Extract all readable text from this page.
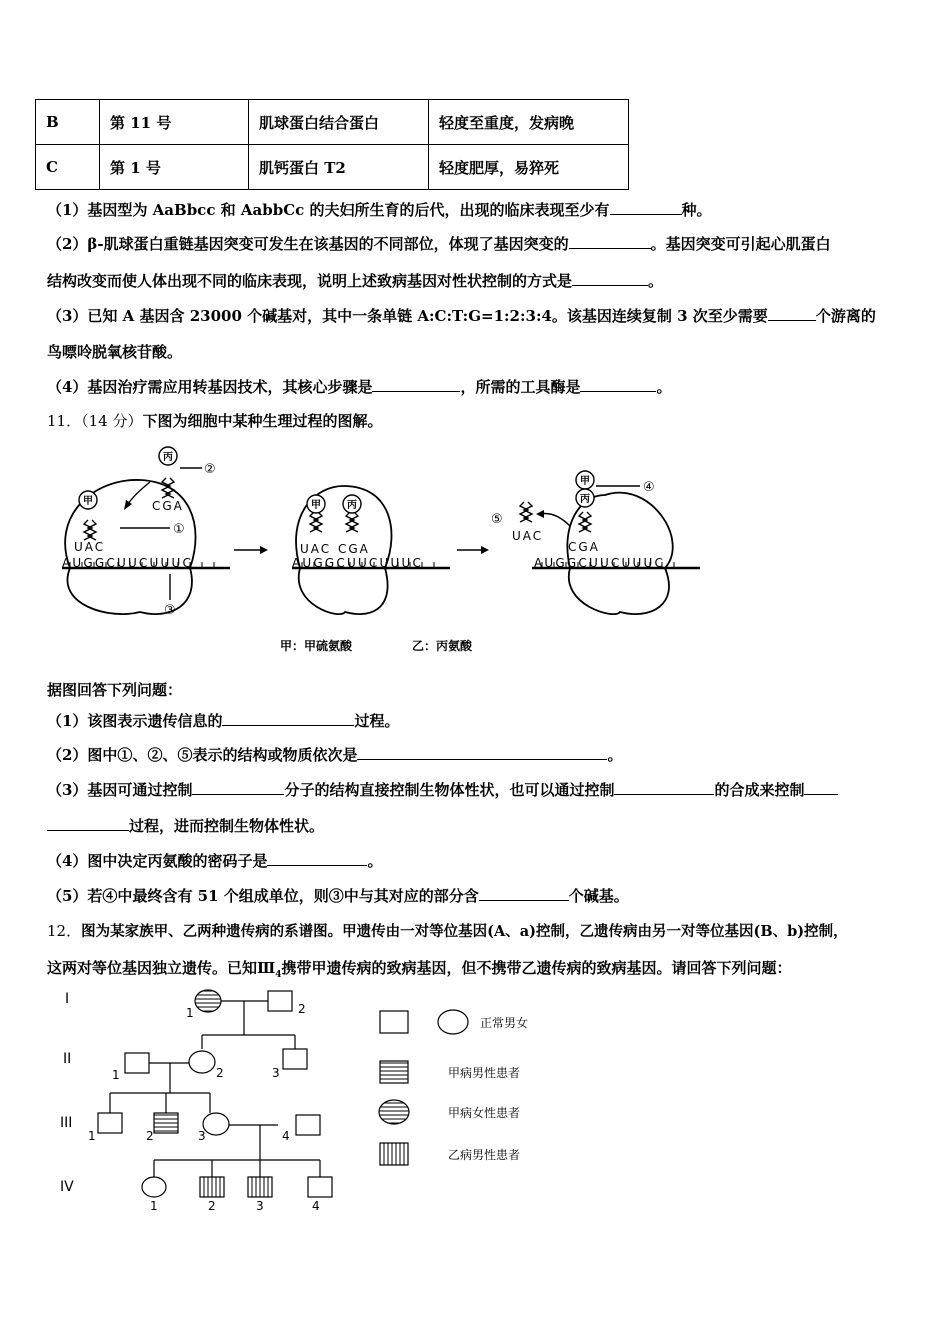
B	第 11 号	肌球蛋白结合蛋白	轻度至重度，发病晚
C	第 1 号	肌钙蛋白 T2	轻度肥厚，易猝死
（1）基因型为 AaBbcc 和 AabbCc 的夫妇所生育的后代，出现的临床表现至少有	种。
（2）β-肌球蛋白重链基因突变可发生在该基因的不同部位，体现了基因突变的	。基因突变可引起心肌蛋白
结构改变而使人体出现不同的临床表现，说明上述致病基因对性状控制的方式是	。
（3）已知 A 基因含 23000 个碱基对，其中一条单链 A:C:T:G=1:2:3:4。该基因连续复制 3 次至少需要	个游离的
鸟嘌呤脱氧核苷酸。
（4）基因治疗需应用转基因技术，其核心步骤是	，所需的工具酶是	。
11．（14 分）下图为细胞中某种生理过程的图解。
AUGGCUUCUUUC	AUGGCUUCUUUC	AUGGCUUCUUUC
甲
丙
甲	丙
甲
丙
UAC
CGA
UAC CGA
UAC
CGA
①
②
③
④
⑤
甲：甲硫氨酸	乙：丙氨酸
据图回答下列问题：
（1）该图表示遗传信息的	过程。
（2）图中①、②、⑤表示的结构或物质依次是	。
（3）基因可通过控制	分子的结构直接控制生物体性状，也可以通过控制	的合成来控制
过程，进而控制生物体性状。
（4）图中决定丙氨酸的密码子是	。
（5）若④中最终含有 51 个组成单位，则③中与其对应的部分含	个碱基。
12．图为某家族甲、乙两种遗传病的系谱图。甲遗传由一对等位基因(A、a)控制，乙遗传病由另一对等位基因(B、b)控制，
这两对等位基因独立遗传。已知$Ⅲ_4$携带甲遗传病的致病基因，但不携带乙遗传病的致病基因。请回答下列问题：
I
II
III
IV
1	2
1	2	3
1	2	3	4
1	2	3	4
正常男女
甲病男性患者
甲病女性患者
乙病男性患者
